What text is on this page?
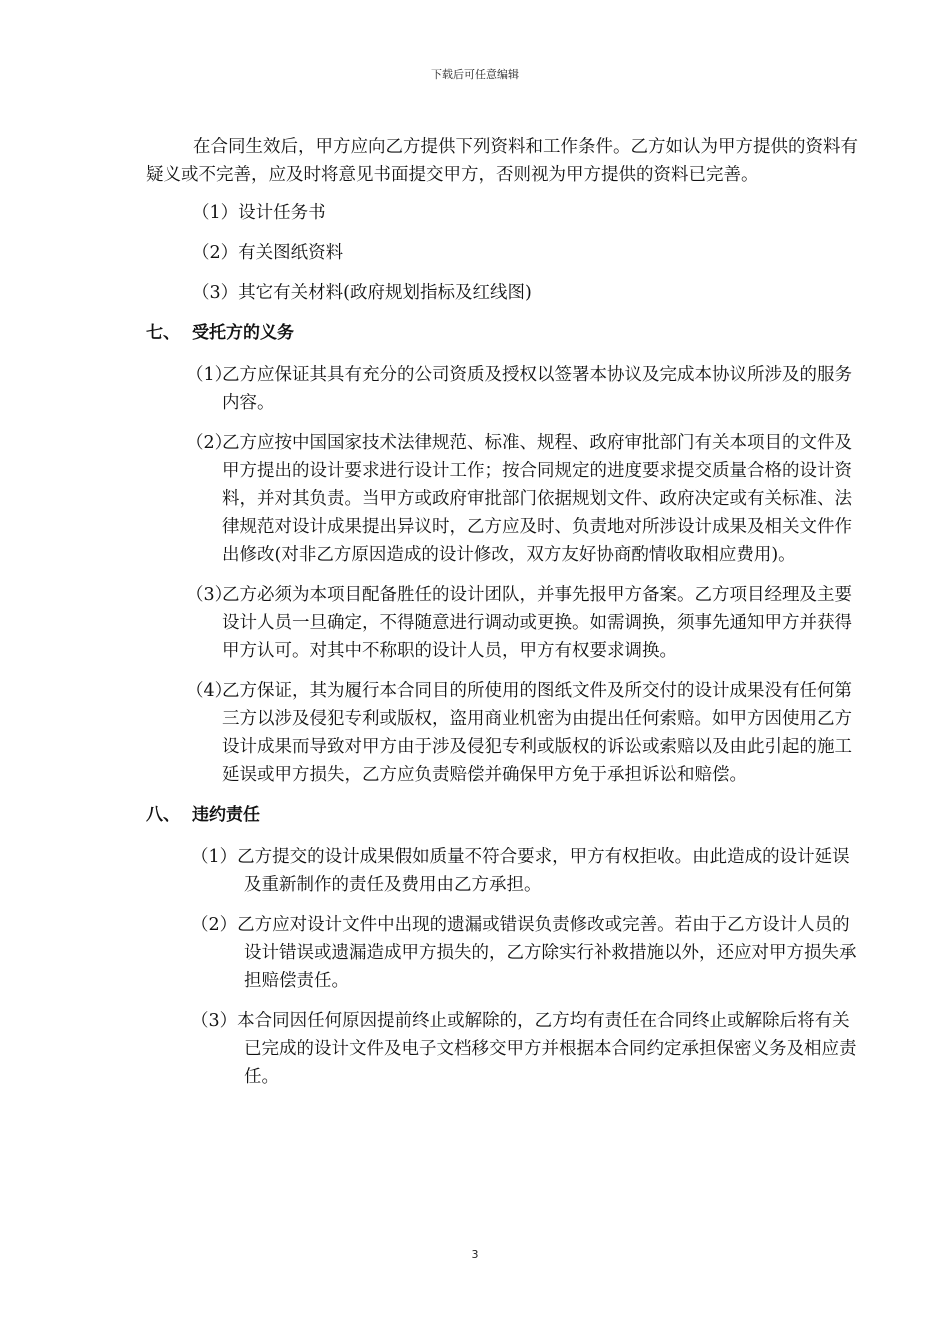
下载后可任意编辑

在合同生效后，甲方应向乙方提供下列资料和工作条件。乙方如认为甲方提供的资料有疑义或不完善，应及时将意见书面提交甲方，否则视为甲方提供的资料已完善。

（1）设计任务书
（2）有关图纸资料
（3）其它有关材料(政府规划指标及红线图)
七、 受托方的义务
（1）
乙方应保证其具有充分的公司资质及授权以签署本协议及完成本协议所涉及的服务内容。
（2）
乙方应按中国国家技术法律规范、标准、规程、政府审批部门有关本项目的文件及甲方提出的设计要求进行设计工作；按合同规定的进度要求提交质量合格的设计资料，并对其负责。当甲方或政府审批部门依据规划文件、政府决定或有关标准、法律规范对设计成果提出异议时，乙方应及时、负责地对所涉设计成果及相关文件作出修改(对非乙方原因造成的设计修改，双方友好协商酌情收取相应费用)。
（3）
乙方必须为本项目配备胜任的设计团队，并事先报甲方备案。乙方项目经理及主要设计人员一旦确定，不得随意进行调动或更换。如需调换，须事先通知甲方并获得甲方认可。对其中不称职的设计人员，甲方有权要求调换。
（4）
乙方保证，其为履行本合同目的所使用的图纸文件及所交付的设计成果没有任何第三方以涉及侵犯专利或版权，盗用商业机密为由提出任何索赔。如甲方因使用乙方设计成果而导致对甲方由于涉及侵犯专利或版权的诉讼或索赔以及由此引起的施工延误或甲方损失，乙方应负责赔偿并确保甲方免于承担诉讼和赔偿。
八、 违约责任
（1）乙方提交的设计成果假如质量不符合要求，甲方有权拒收。由此造成的设计延误及重新制作的责任及费用由乙方承担。
（2）乙方应对设计文件中出现的遗漏或错误负责修改或完善。若由于乙方设计人员的设计错误或遗漏造成甲方损失的，乙方除实行补救措施以外，还应对甲方损失承担赔偿责任。
（3）本合同因任何原因提前终止或解除的，乙方均有责任在合同终止或解除后将有关已完成的设计文件及电子文档移交甲方并根据本合同约定承担保密义务及相应责任。
3
